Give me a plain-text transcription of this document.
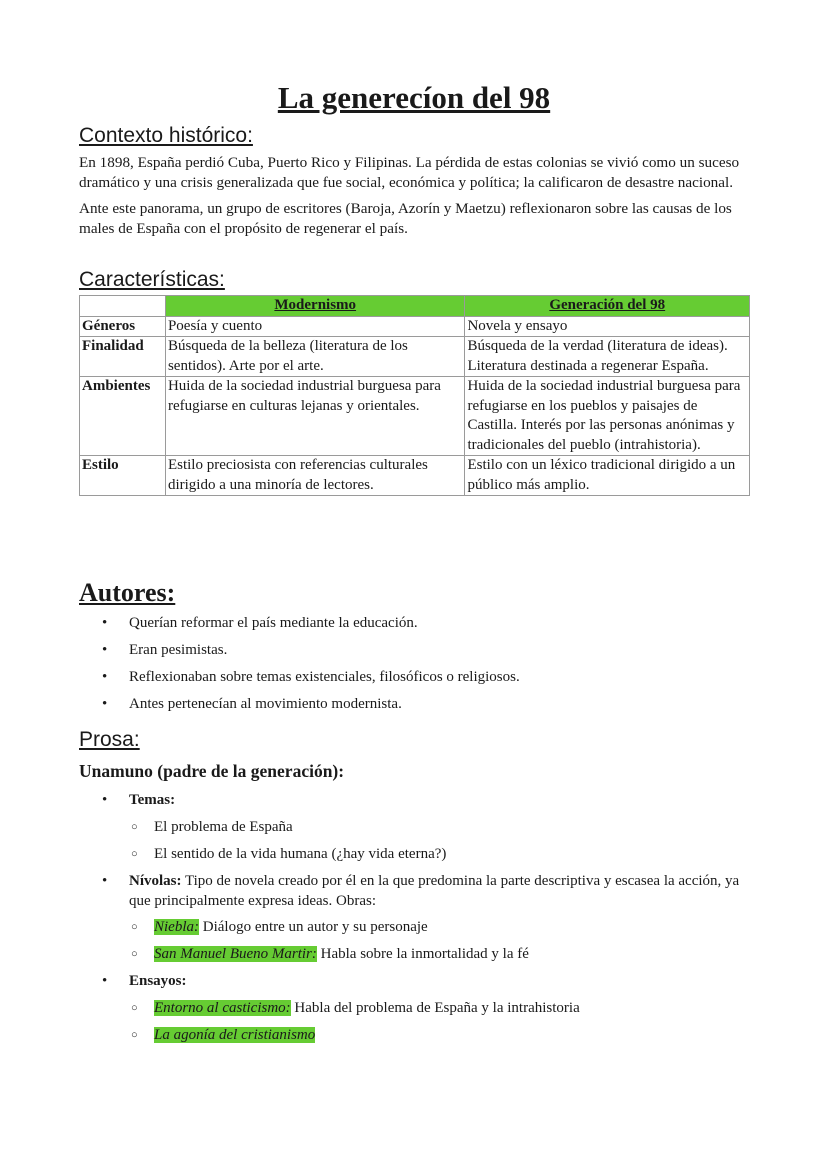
La generecíon del 98
Contexto histórico:

En 1898, España perdió Cuba, Puerto Rico y Filipinas. La pérdida de estas colonias se vivió como un suceso dramático y una crisis generalizada que fue social, económica y política; la calificaron de desastre nacional.

Ante este panorama, un grupo de escritores (Baroja, Azorín y Maetzu) reflexionaron sobre las causas de los males de España con el propósito de regenerar el país.

Características:
	Modernismo	Generación del 98
Géneros	Poesía y cuento	Novela y ensayo
Finalidad	Búsqueda de la belleza (literatura de los sentidos). Arte por el arte.	Búsqueda de la verdad (literatura de ideas). Literatura destinada a regenerar España.
Ambientes	Huida de la sociedad industrial burguesa para refugiarse en culturas lejanas y orientales.	Huida de la sociedad industrial burguesa para refugiarse en los pueblos y paisajes de Castilla. Interés por las personas anónimas y tradicionales del pueblo (intrahistoria).
Estilo	Estilo preciosista con referencias culturales dirigido a una minoría de lectores.	Estilo con un léxico tradicional dirigido a un público más amplio.
Autores:
• Querían reformar el país mediante la educación.
• Eran pesimistas.
• Reflexionaban sobre temas existenciales, filosóficos o religiosos.
• Antes pertenecían al movimiento modernista.
Prosa:
Unamuno (padre de la generación):
• Temas:
○ El problema de España
○ El sentido de la vida humana (¿hay vida eterna?)
• Nívolas: Tipo de novela creado por él en la que predomina la parte descriptiva y escasea la acción, ya que principalmente expresa ideas. Obras:
○ Niebla: Diálogo entre un autor y su personaje
○ San Manuel Bueno Martir: Habla sobre la inmortalidad y la fé
• Ensayos:
○ Entorno al casticismo: Habla del problema de España y la intrahistoria
○ La agonía del cristianismo
